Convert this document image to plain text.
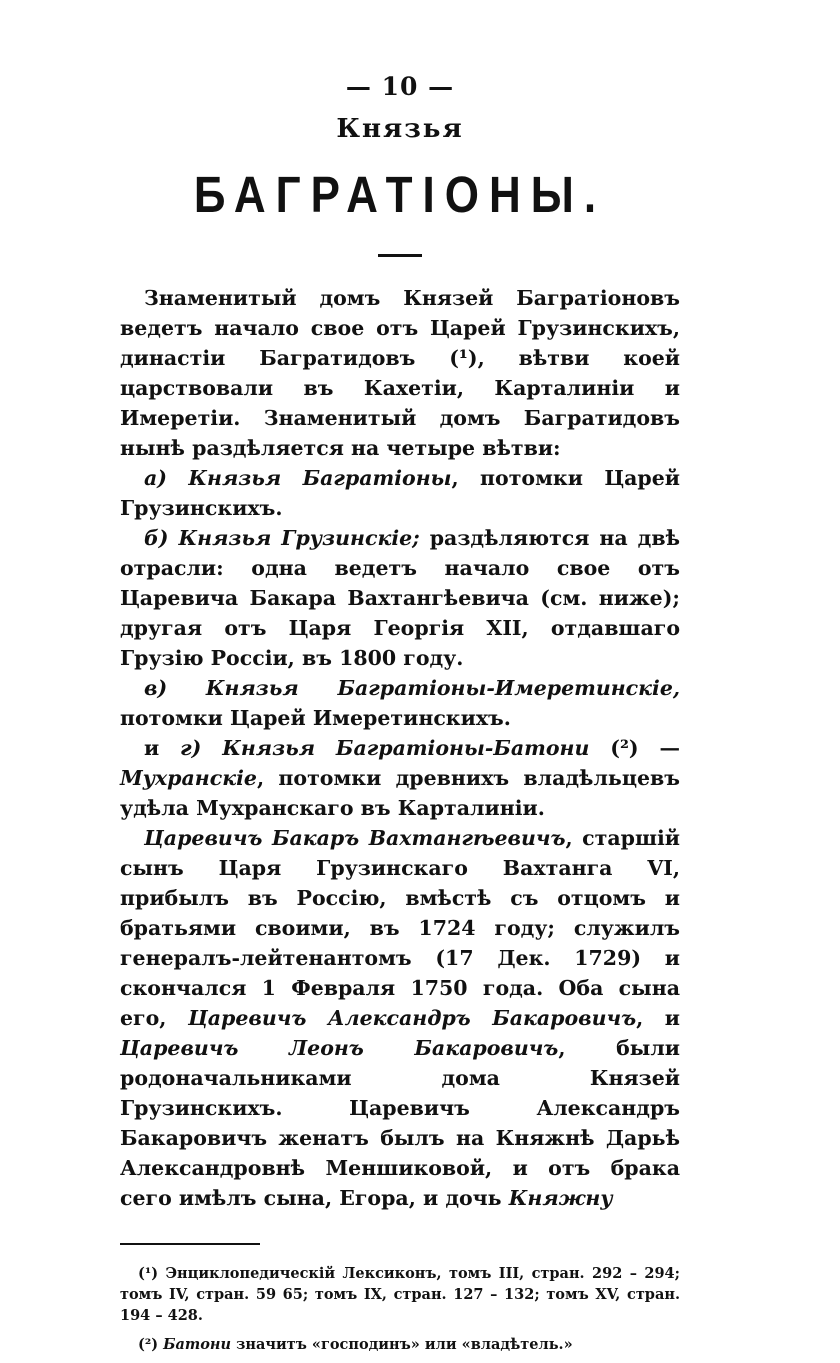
— 10 —
Князья
БАГРАТІОНЫ.

Знаменитый домъ Князей Багратіоновъ ведетъ начало свое отъ Царей Грузинскихъ, династіи Багратидовъ (¹), вѣтви коей царствовали въ Кахетіи, Карталиніи и Имеретіи. Знаменитый домъ Багратидовъ нынѣ раздѣляется на четыре вѣтви:

а) Князья Багратіоны, потомки Царей Грузинскихъ.

б) Князья Грузинскіе; раздѣляются на двѣ отрасли: одна ведетъ начало свое отъ Царевича Бакара Вахтангѣевича (см. ниже); другая отъ Царя Георгія XII, отдавшаго Грузію Россіи, въ 1800 году.

в) Князья Багратіоны-Имеретинскіе, потомки Царей Имеретинскихъ.

и г) Князья Багратіоны-Батони (²) — Мухранскіе, потомки древнихъ владѣльцевъ удѣла Мухранскаго въ Карталиніи.

Царевичъ Бакаръ Вахтангѣевичъ, старшій сынъ Царя Грузинскаго Вахтанга VI, прибылъ въ Россію, вмѣстѣ съ отцомъ и братьями своими, въ 1724 году; служилъ генералъ-лейтенантомъ (17 Дек. 1729) и скончался 1 Февраля 1750 года. Оба сына его, Царевичъ Александръ Бакаровичъ, и Царевичъ Леонъ Бакаровичъ, были родоначальниками дома Князей Грузинскихъ. Царевичъ Александръ Бакаровичъ женатъ былъ на Княжнѣ Дарьѣ Александровнѣ Меншиковой, и отъ брака сего имѣлъ сына, Егора, и дочь Княжну

(¹) Энциклопедическій Лексиконъ, томъ III, стран. 292 – 294; томъ IV, стран. 59 65; томъ IX, стран. 127 – 132; томъ XV, стран. 194 – 428.

(²) Батони значитъ «господинъ» или «владѣтель.»
